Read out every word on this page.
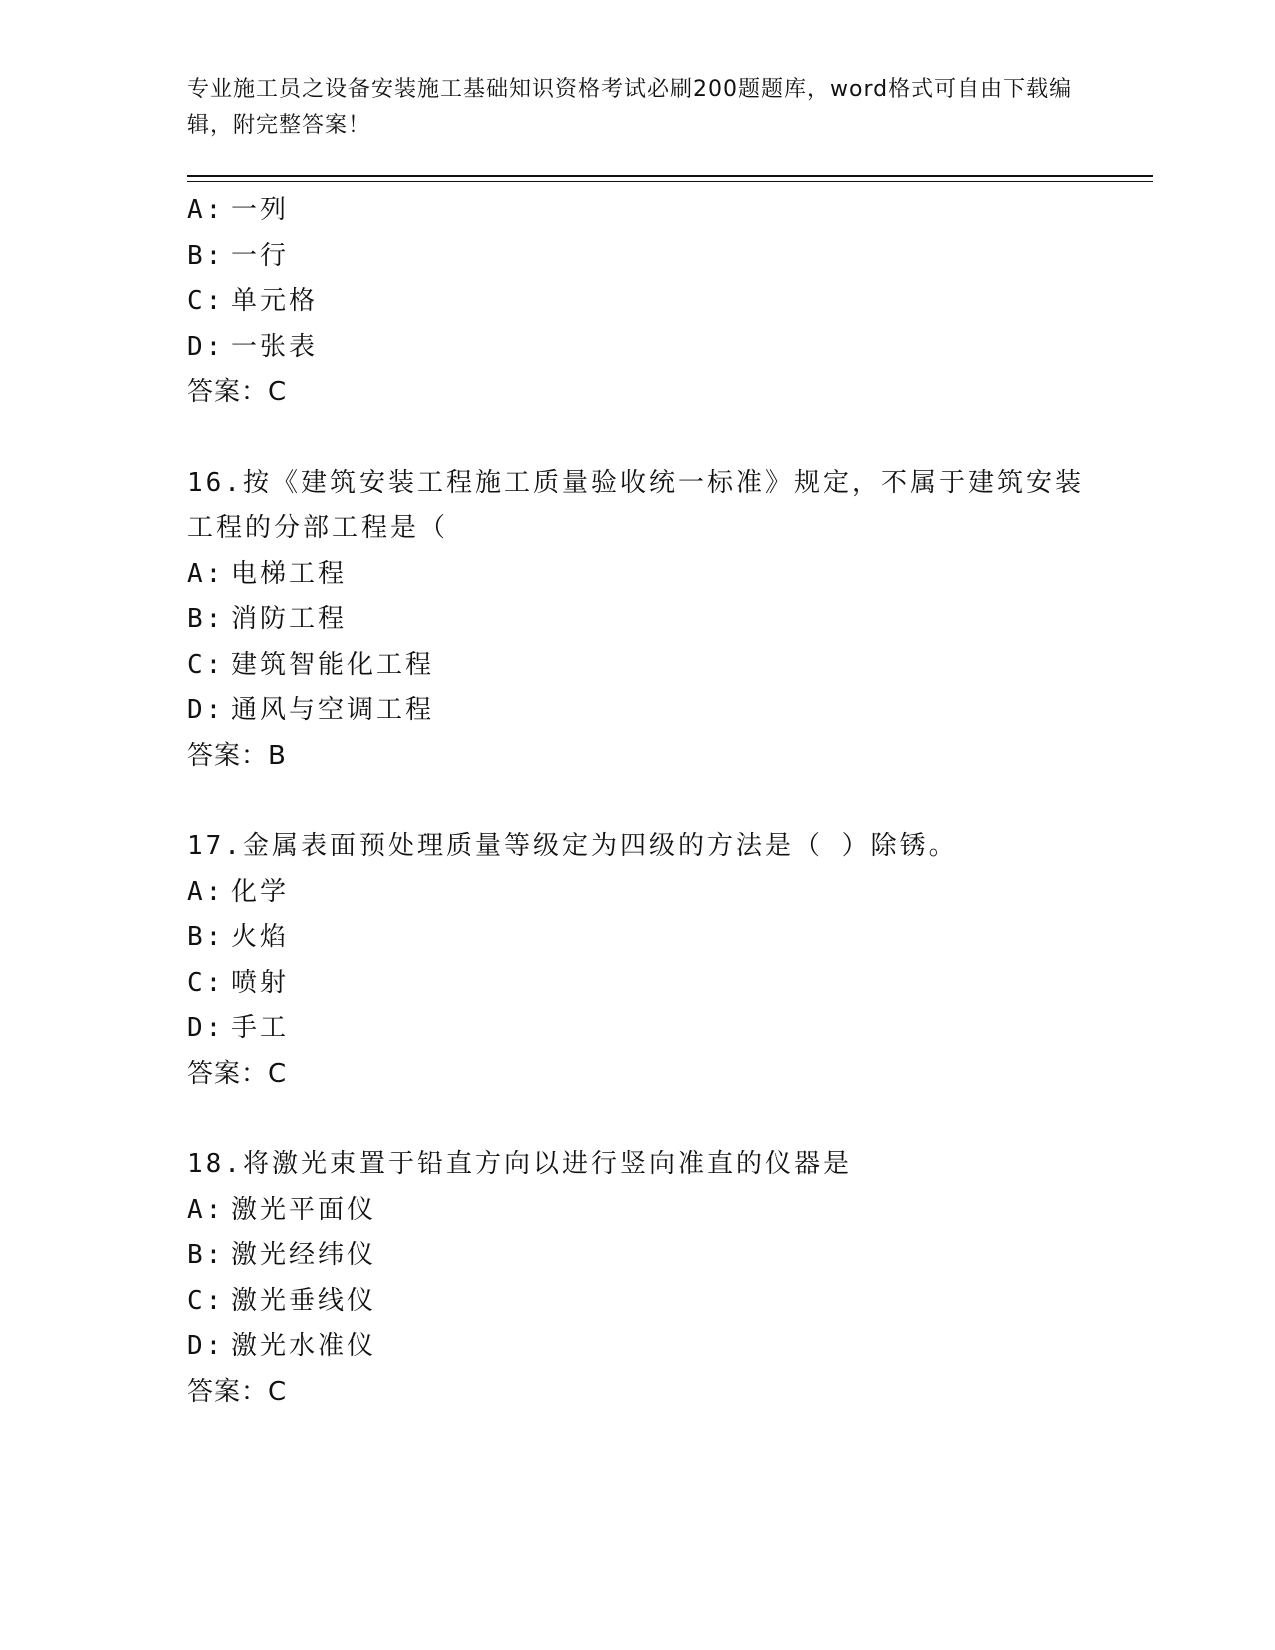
专业施工员之设备安装施工基础知识资格考试必刷200题题库，word格式可自由下载编辑，附完整答案！
A: 一列
B: 一行
C: 单元格
D: 一张表
答案：C
16.按《建筑安装工程施工质量验收统一标准》规定，不属于建筑安装工程的分部工程是（
A: 电梯工程
B: 消防工程
C: 建筑智能化工程
D: 通风与空调工程
答案：B
17.金属表面预处理质量等级定为四级的方法是（ ）除锈。
A: 化学
B: 火焰
C: 喷射
D: 手工
答案：C
18.将激光束置于铅直方向以进行竖向准直的仪器是
A: 激光平面仪
B: 激光经纬仪
C: 激光垂线仪
D: 激光水准仪
答案：C
